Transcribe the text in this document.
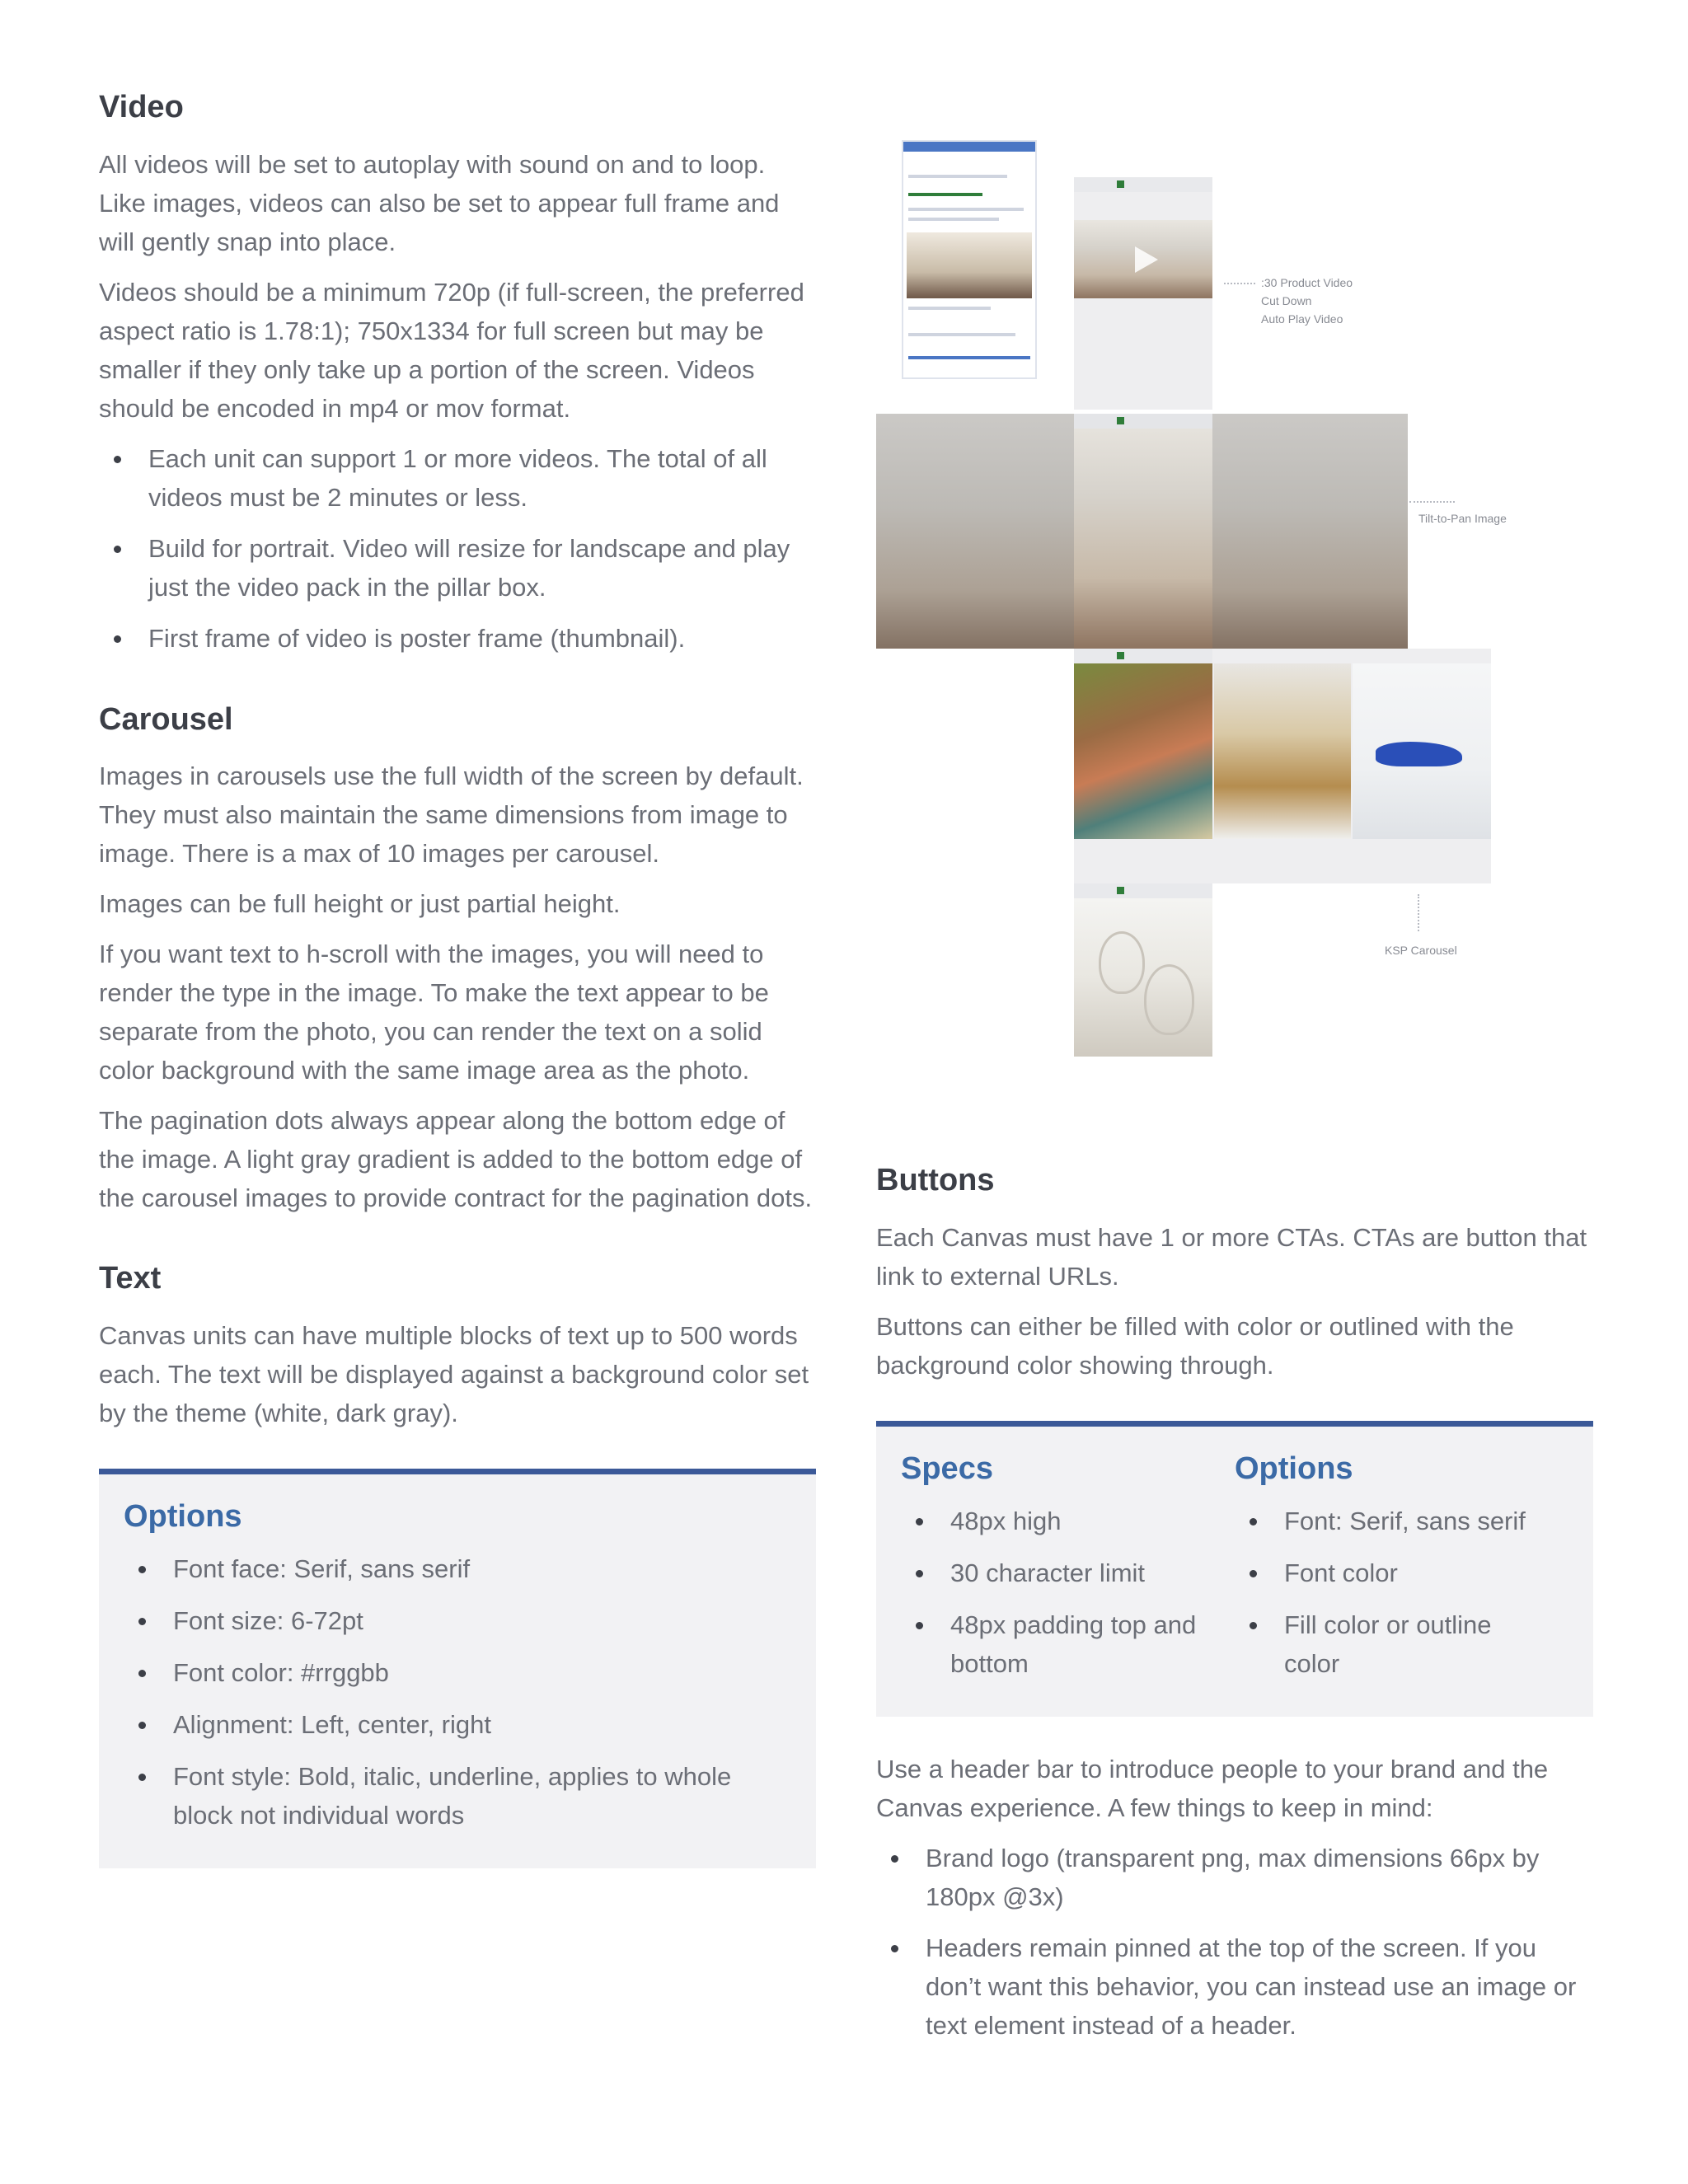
Video

All videos will be set to autoplay with sound on and to loop. Like images, videos can also be set to appear full frame and will gently snap into place.

Videos should be a minimum 720p (if full-screen, the preferred aspect ratio is 1.78:1); 750x1334 for full screen but may be smaller if they only take up a portion of the screen. Videos should be encoded in mp4 or mov format.

Each unit can support 1 or more videos. The total of all videos must be 2 minutes or less.
Build for portrait. Video will resize for landscape and play just the video pack in the pillar box.
First frame of video is poster frame (thumbnail).
Carousel

Images in carousels use the full width of the screen by default. They must also maintain the same dimensions from image to image. There is a max of 10 images per carousel.

Images can be full height or just partial height.

If you want text to h-scroll with the images, you will need to render the type in the image. To make the text appear to be separate from the photo, you can render the text on a solid color background with the same image area as the photo.

The pagination dots always appear along the bottom edge of the image. A light gray gradient is added to the bottom edge of the carousel images to provide contract for the pagination dots.

Text

Canvas units can have multiple blocks of text up to 500 words each. The text will be displayed against a background color set by the theme (white, dark gray).

Options
Font face: Serif, sans serif
Font size: 6-72pt
Font color: #rrggbb
Alignment: Left, center, right
Font style: Bold, italic, underline, applies to whole block not individual words
:30 Product Video
Cut Down
Auto Play Video
Tilt-to-Pan Image
KSP Carousel
Buttons

Each Canvas must have 1 or more CTAs. CTAs are button that link to external URLs.

Buttons can either be filled with color or outlined with the background color showing through.

Specs
48px high
30 character limit
48px padding top and bottom
Options
Font: Serif, sans serif
Font color
Fill color or outline color

Use a header bar to introduce people to your brand and the Canvas experience. A few things to keep in mind:

Brand logo (transparent png, max dimensions 66px by 180px @3x)
Headers remain pinned at the top of the screen. If you don’t want this behavior, you can instead use an image or text element instead of a header.
